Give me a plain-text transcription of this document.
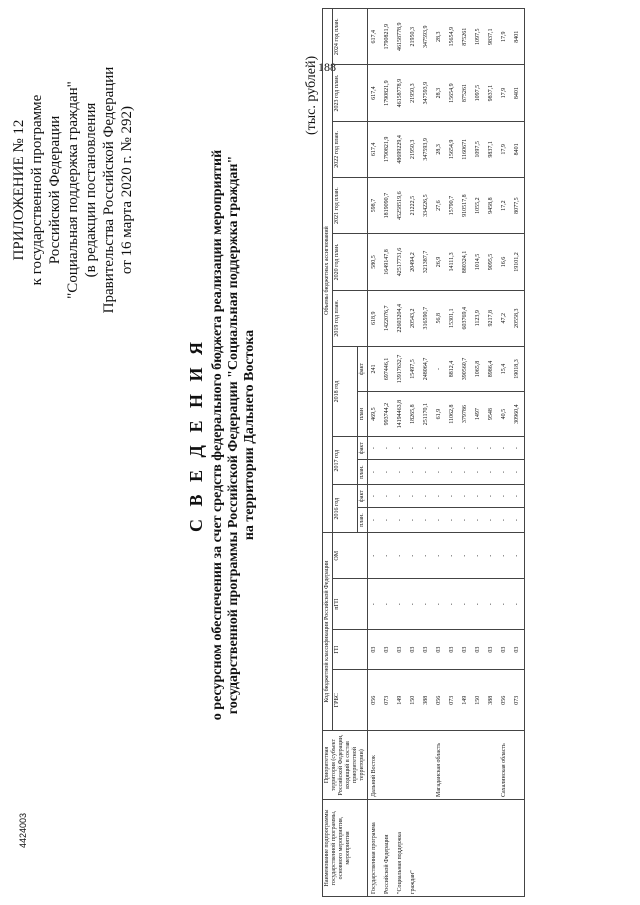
188
4424003
ПРИЛОЖЕНИЕ № 12 к государственной программе Российской Федерации "Социальная поддержка граждан" (в редакции постановления Правительства Российской Федерации от 16 марта 2020 г. № 292)
С В Е Д Е Н И Я о ресурсном обеспечении за счет средств федерального бюджета реализации мероприятий государственной программы Российской Федерации "Социальная поддержка граждан" на территории Дальнего Востока
(тыс. рублей)
Наименование подпрограммы государственной программы, основного мероприятия, мероприятия	Приоритетная территория (субъект Российской Федерации, входящий в состав приоритетной территории)	Код бюджетной классификации Российской Федерации				Объемы бюджетных ассигнований											
		ГРБС	ГП	пГП	ОМ	2016 год		2017 год		2018 год		2019 год план.	2020 год план.	2021 год план.	2022 год план.	2023 год план.	2024 год план.
						план.	факт	план.	факт	план	факт						
Государственная программа	Дальний Восток	056	03	-	-	-	-	-	-	469,5	241	618,9	580,5	598,7	617,4	617,4	617,4
Российской Федерации		073	03	-	-	-	-	-	-	993744,2	697446,1	1422076,7	1649147,8	1819090,7	1790821,9	1790821,9	1790821,9
"Социальная поддержка		149	03	-	-	-	-	-	-	14194463,8	13917632,7	22603204,4	42517731,6	45258519,6	48699229,4	46158778,9	46158778,9
граждан"		150	03	-	-	-	-	-	-	18265,8	15497,5	20543,2	20494,2	21222,5	21950,3	21950,3	21950,3
		388	03	-	-	-	-	-	-	251170,1	248064,7	316590,7	321387,7	334226,5	347593,9	347593,9	347593,9
	Магаданская область	056	03	-	-	-	-	-	-	61,9	-	56,8	26,9	27,6	28,3	28,3	28,3
		073	03	-	-	-	-	-	-	11062,8	8812,4	15301,1	14111,3	15790,7	15654,9	15654,9	15654,9
		149	03	-	-	-	-	-	-	379786	390560,7	603769,4	880324,1	910517,8	1160671	875261	875261
		150	03	-	-	-	-	-	-	1497	1065,8	1123,9	1014,5	1055,2	1097,5	1097,5	1097,5
		388	03	-	-	-	-	-	-	9548	8986,4	9217,8	9095,5	9458,8	9837,1	9837,1	9837,1
	Сахалинская область	056	03	-	-	-	-	-	-	40,5	15,4	47,2	16,6	17,2	17,9	17,9	17,9
		073	03	-	-	-	-	-	-	30960,4	19018,3	20558,3	19101,2	8077,5	8401	8401	8401
